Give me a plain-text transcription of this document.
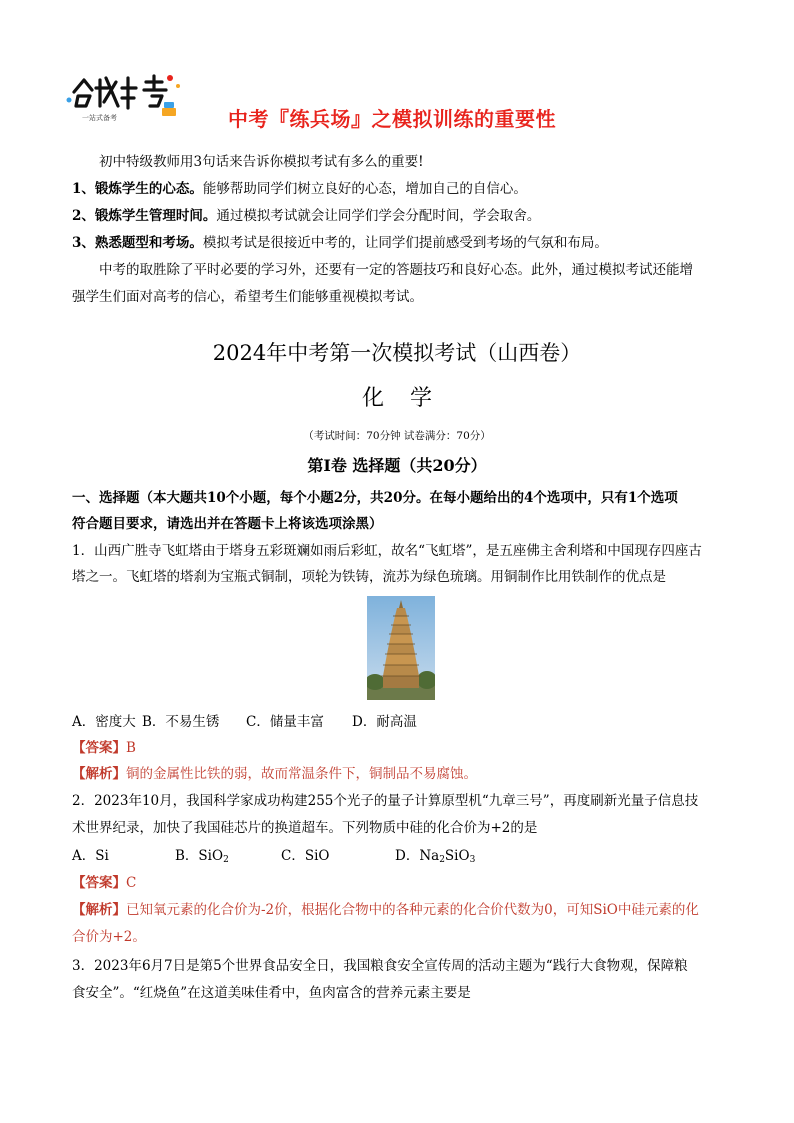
一站式备考	中考『练兵场』之模拟训练的重要性
初中特级教师用3句话来告诉你模拟考试有多么的重要!
1、锻炼学生的心态。能够帮助同学们树立良好的心态，增加自己的自信心。
2、锻炼学生管理时间。通过模拟考试就会让同学们学会分配时间，学会取舍。
3、熟悉题型和考场。模拟考试是很接近中考的，让同学们提前感受到考场的气氛和布局。
中考的取胜除了平时必要的学习外，还要有一定的答题技巧和良好心态。此外，通过模拟考试还能增
强学生们面对高考的信心，希望考生们能够重视模拟考试。
2024年中考第一次模拟考试（山西卷）
化学
（考试时间：70分钟 试卷满分：70分）
第Ⅰ卷 选择题（共20分）
一、选择题（本大题共10个小题，每个小题2分，共20分。在每小题给出的4个选项中，只有1个选项
符合题目要求，请选出并在答题卡上将该选项涂黑）
1．山西广胜寺飞虹塔由于塔身五彩斑斓如雨后彩虹，故名“飞虹塔”，是五座佛主舍利塔和中国现存四座古
塔之一。飞虹塔的塔刹为宝瓶式铜制，项轮为铁铸，流苏为绿色琉璃。用铜制作比用铁制作的优点是
A．密度大 B．不易生锈 C．储量丰富 D．耐高温
【答案】B
【解析】铜的金属性比铁的弱，故而常温条件下，铜制品不易腐蚀。
2．2023年10月，我国科学家成功构建255个光子的量子计算原型机“九章三号”，再度刷新光量子信息技
术世界纪录，加快了我国硅芯片的换道超车。下列物质中硅的化合价为+2的是
A．Si	B．SiO$_2$	C．SiO	D．$Na_2SiO_3$
【答案】C
【解析】已知氧元素的化合价为-2价，根据化合物中的各种元素的化合价代数为0，可知SiO中硅元素的化
合价为+2。
3．2023年6月7日是第5个世界食品安全日，我国粮食安全宣传周的活动主题为“践行大食物观，保障粮
食安全”。“红烧鱼”在这道美味佳肴中，鱼肉富含的营养元素主要是
